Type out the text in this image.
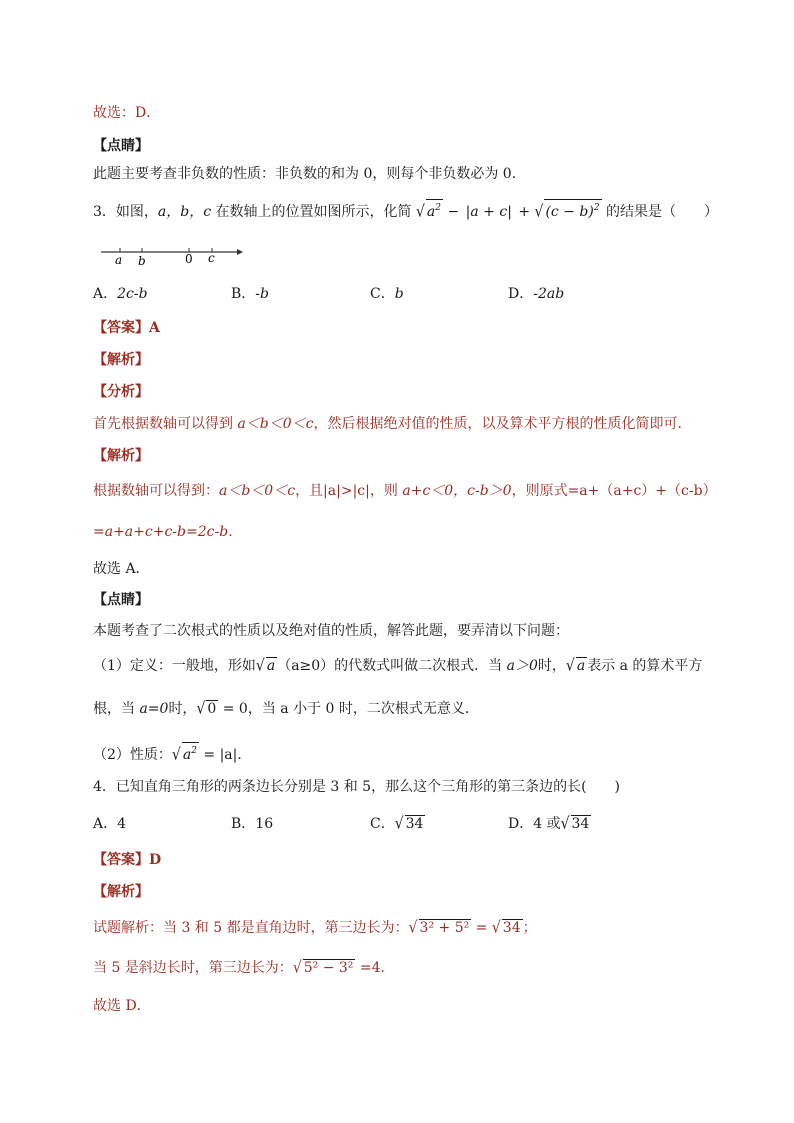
故选：D．
【点睛】
此题主要考查非负数的性质：非负数的和为 0，则每个非负数必为 0．
3．如图，a，b，c 在数轴上的位置如图所示，化简 √ $a^2 - |a + c|$ + √ $(c - b)^2$ 的结果是（　　）
a b	0 c
A．2c-b	B．-b	C．b	D．-2ab
【答案】A
【解析】
【分析】
首先根据数轴可以得到 a＜b＜0＜c，然后根据绝对值的性质，以及算术平方根的性质化简即可．
【解析】
根据数轴可以得到：a＜b＜0＜c，且|a|>|c|，则 a+c＜0，c-b＞0，则原式=a+（a+c）+（c-b）
=a+a+c+c-b=2c-b．
故选 A．
【点睛】
本题考查了二次根式的性质以及绝对值的性质，解答此题，要弄清以下问题：
（1）定义：一般地，形如√ a （a≥0）的代数式叫做二次根式．当 a＞0时，√ a 表示 a 的算术平方
根，当 a=0时，√ 0 = 0，当 a 小于 0 时，二次根式无意义．
（2）性质：√ $a^2 = |a|$．
4．已知直角三角形的两条边长分别是 3 和 5，那么这个三角形的第三条边的长(　　)
A．4	B．16	C．√ 34	D．4 或√ 34
【答案】D
【解析】
试题解析：当 3 和 5 都是直角边时，第三边长为：√ 3² + 5² = √ 34 ；
当 5 是斜边长时，第三边长为：√ 5² − 3² =4．
故选 D．
